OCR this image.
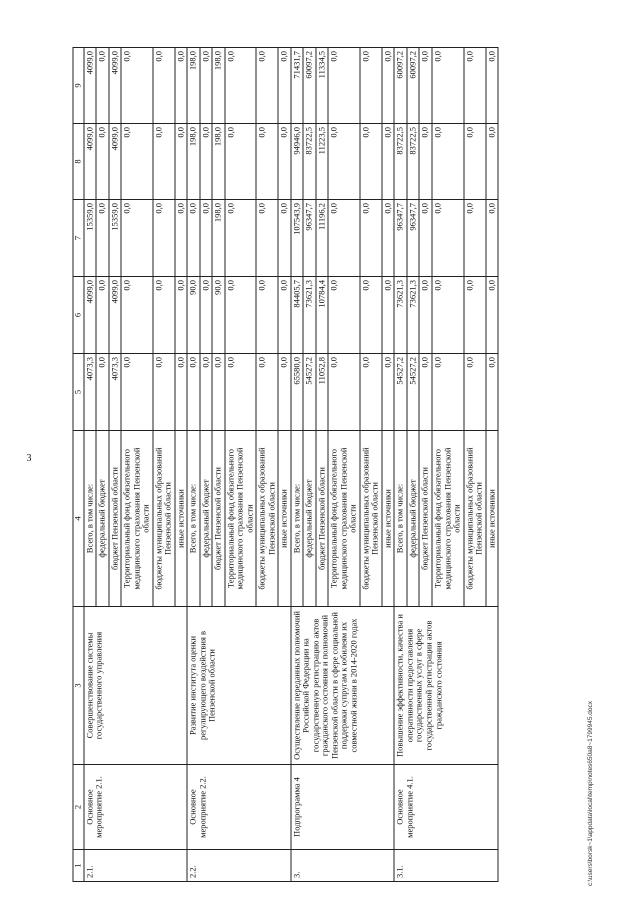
3
1	2	3	4	5	6	7	8	9
2.1.	Основное мероприятие 2.1.	Совершенствование системы государственного управления	Всего, в том числе:	4073,3	4099,0	15359,0	4099,0	4099,0
			федеральный бюджет	0,0	0,0	0,0	0,0	0,0
			бюджет Пензенской области	4073,3	4099,0	15359,0	4099,0	4099,0
			Территориальный фонд обязательного медицинского страхования Пензенской области	0,0	0,0	0,0	0,0	0,0
			бюджеты муниципальных образований Пензенской области	0,0	0,0	0,0	0,0	0,0
			иные источники	0,0	0,0	0,0	0,0	0,0
2.2.	Основное мероприятие 2.2.	Развитие института оценки регулирующего воздействия в Пензенской области	Всего, в том числе:	0,0	90,0	0,0	198,0	198,0
			федеральный бюджет	0,0	0,0	0,0	0,0	0,0
			бюджет Пензенской области	0,0	90,0	198,0	198,0	198,0
			Территориальный фонд обязательного медицинского страхования Пензенской области	0,0	0,0	0,0	0,0	0,0
			бюджеты муниципальных образований Пензенской области	0,0	0,0	0,0	0,0	0,0
			иные источники	0,0	0,0	0,0	0,0	0,0
3.	Подпрограмма 4	Осуществление переданных полномочий Российской Федерации на государственную регистрацию актов гражданского состояния и полномочий Пензенской области в сфере социальной поддержки супругам к юбилеям их совместной жизни в 2014-2020 годах	Всего, в том числе:	65580,0	84405,7	107543,9	94946,0	71431,7
			федеральный бюджет	54527,2	73621,3	96347,7	83722,5	60097,2
			бюджет Пензенской области	11052,8	10784,4	11196,2	11223,5	11334,5
			Территориальный фонд обязательного медицинского страхования Пензенской области	0,0	0,0	0,0	0,0	0,0
			бюджеты муниципальных образований Пензенской области	0,0	0,0	0,0	0,0	0,0
			иные источники	0,0	0,0	0,0	0,0	0,0
3.1.	Основное мероприятие 4.1.	Повышение эффективности, качества и оперативности предоставления государственных услуг в сфере государственной регистрации актов гражданского состояния	Всего, в том числе:	54527,2	73621,3	96347,7	83722,5	60097,2
			федеральный бюджет	54527,2	73621,3	96347,7	83722,5	60097,2
			бюджет Пензенской области	0,0	0,0	0,0	0,0	0,0
			Территориальный фонд обязательного медицинского страхования Пензенской области	0,0	0,0	0,0	0,0	0,0
			бюджеты муниципальных образований Пензенской области	0,0	0,0	0,0	0,0	0,0
			иные источники	0,0	0,0	0,0	0,0	0,0
c:\users\borsk~1\appdata\local\temp\notes650a8~1799945.docx
